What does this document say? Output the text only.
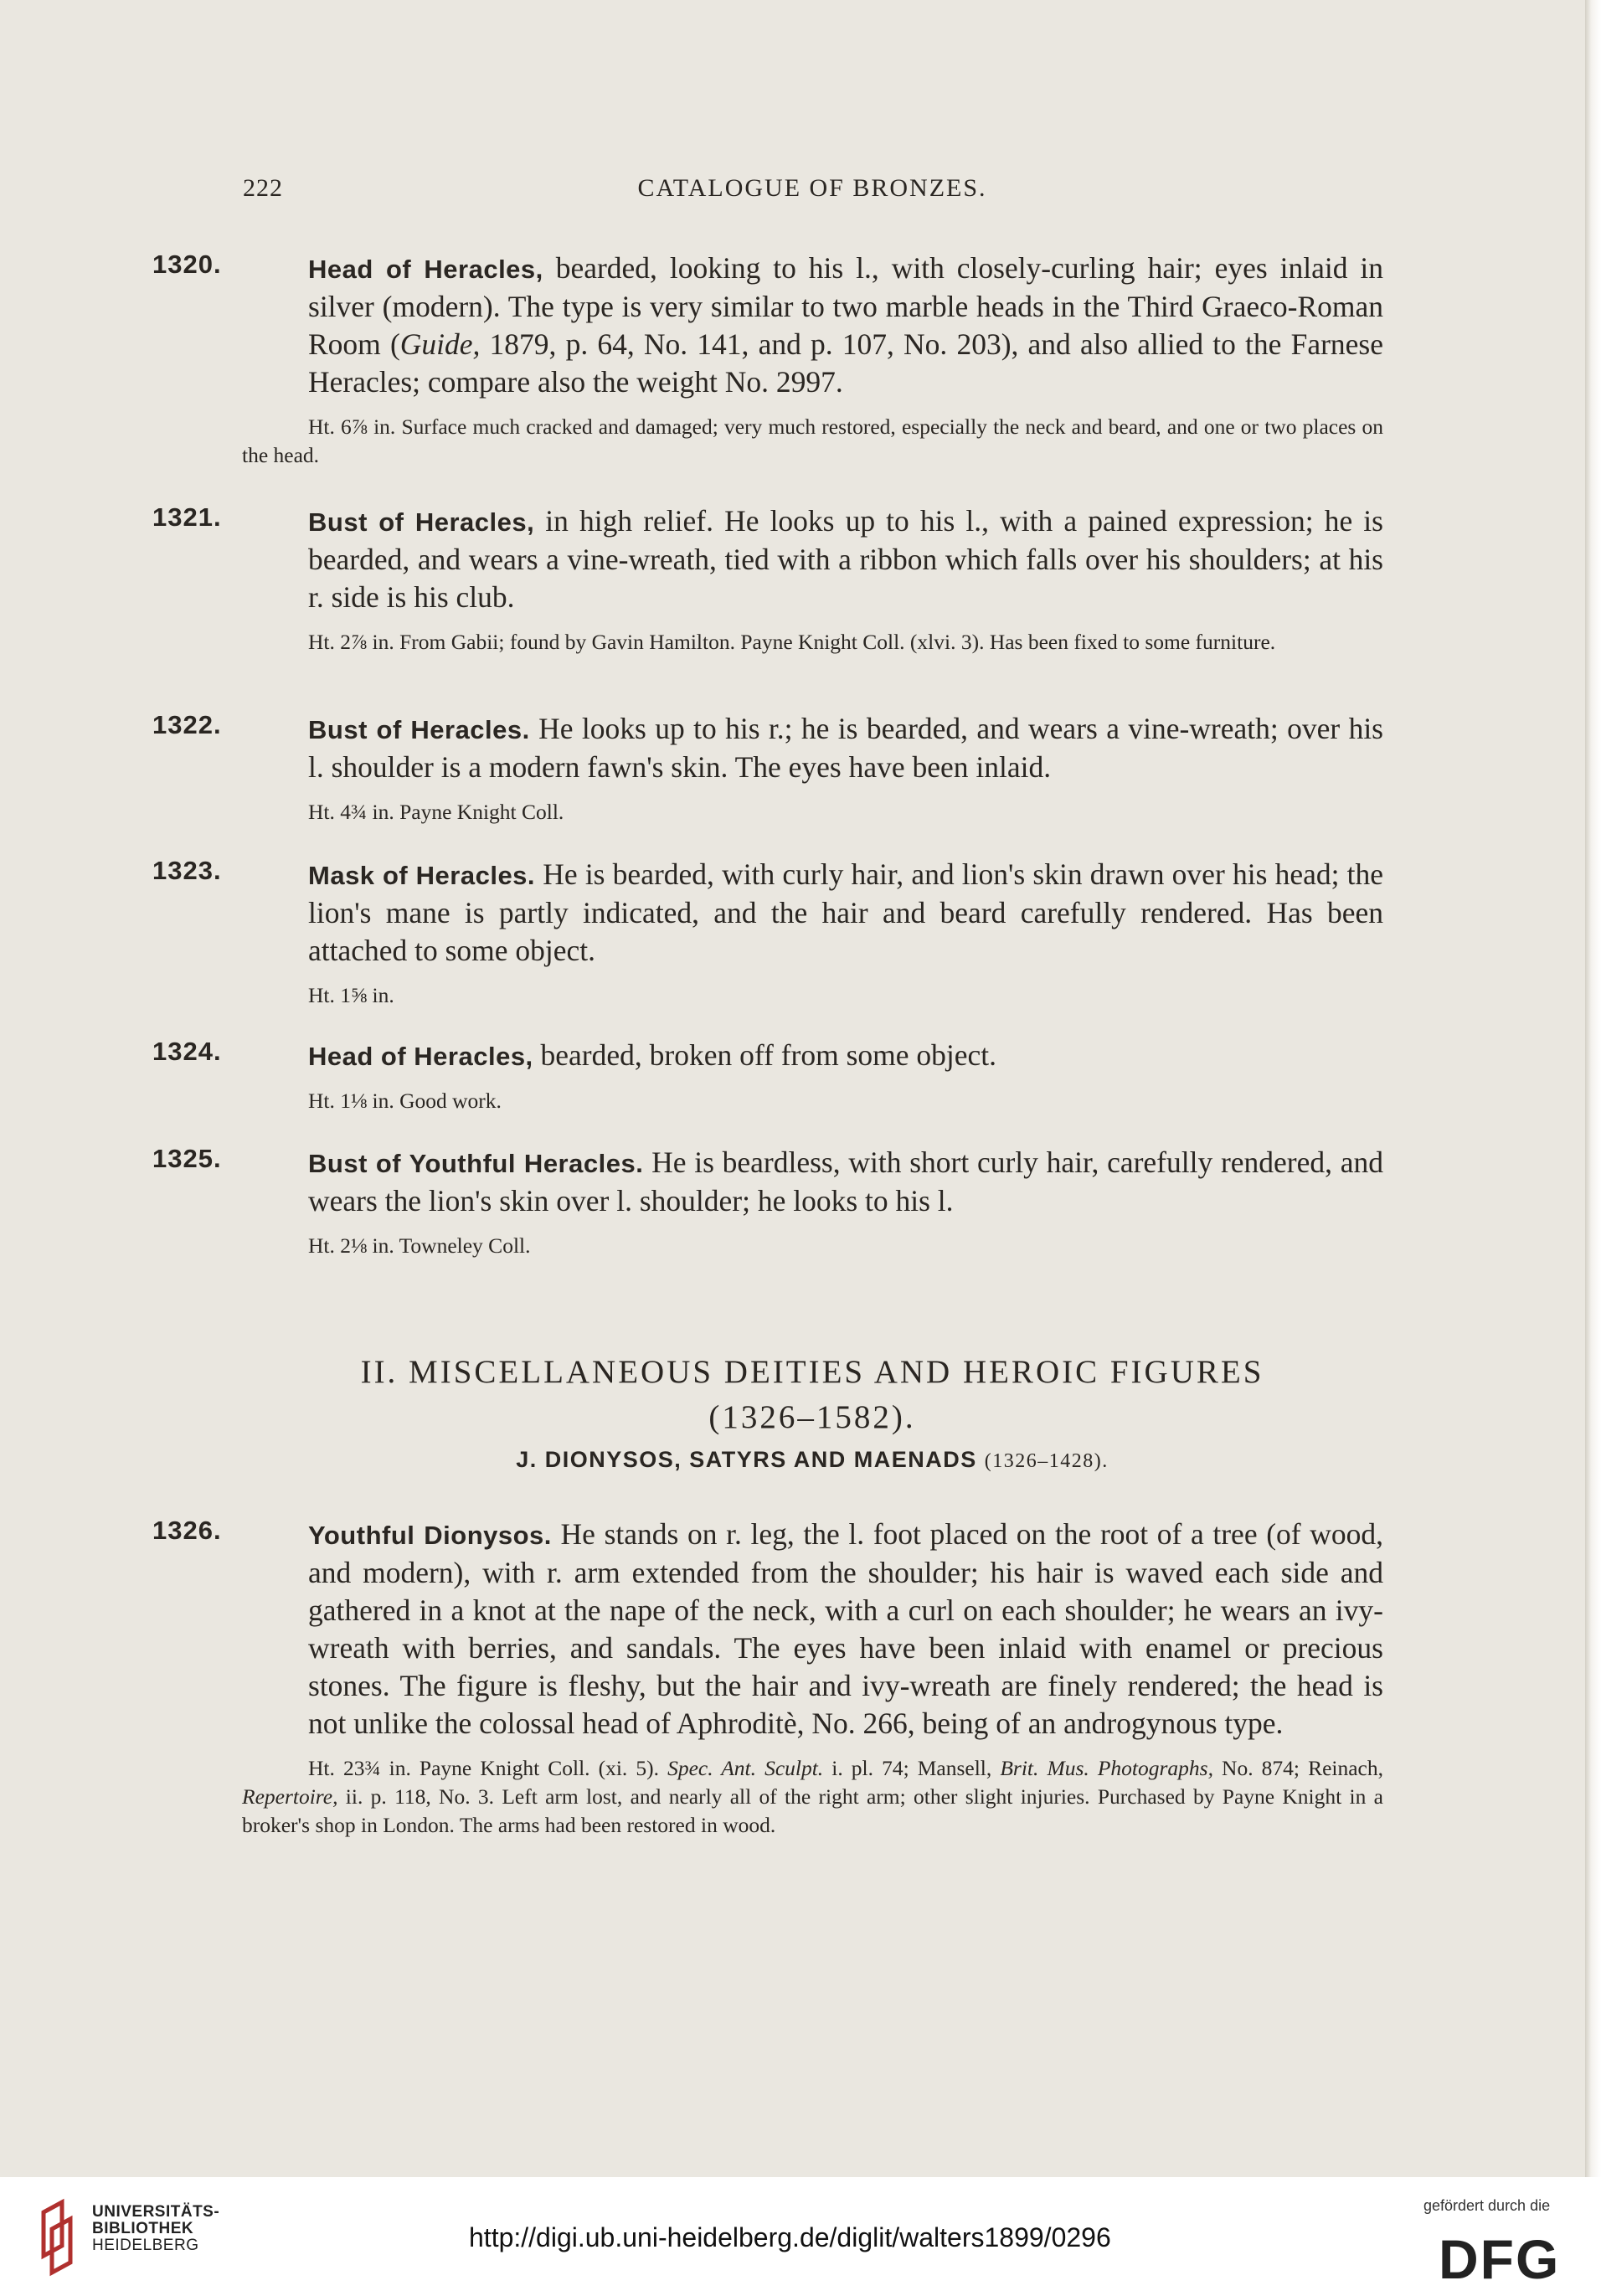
222	CATALOGUE OF BRONZES.
1320.	Head of Heracles, bearded, looking to his l., with closely-curling hair; eyes inlaid in silver (modern). The type is very similar to two marble heads in the Third Graeco-Roman Room (Guide, 1879, p. 64, No. 141, and p. 107, No. 203), and also allied to the Farnese Heracles; compare also the weight No. 2997.
Ht. 6⅞ in. Surface much cracked and damaged; very much restored, especially the neck and beard, and one or two places on the head.
1321.	Bust of Heracles, in high relief. He looks up to his l., with a pained expression; he is bearded, and wears a vine-wreath, tied with a ribbon which falls over his shoulders; at his r. side is his club.
Ht. 2⅞ in. From Gabii; found by Gavin Hamilton. Payne Knight Coll. (xlvi. 3). Has been fixed to some furniture.
1322.	Bust of Heracles. He looks up to his r.; he is bearded, and wears a vine-wreath; over his l. shoulder is a modern fawn's skin. The eyes have been inlaid.
Ht. 4¾ in. Payne Knight Coll.
1323.	Mask of Heracles. He is bearded, with curly hair, and lion's skin drawn over his head; the lion's mane is partly indicated, and the hair and beard carefully rendered. Has been attached to some object.
Ht. 1⅝ in.
1324.	Head of Heracles, bearded, broken off from some object.
Ht. 1⅛ in. Good work.
1325.	Bust of Youthful Heracles. He is beardless, with short curly hair, carefully rendered, and wears the lion's skin over l. shoulder; he looks to his l.
Ht. 2⅛ in. Towneley Coll.
II. MISCELLANEOUS DEITIES AND HEROIC FIGURES
(1326–1582).
J. DIONYSOS, SATYRS AND MAENADS (1326–1428).
1326.	Youthful Dionysos. He stands on r. leg, the l. foot placed on the root of a tree (of wood, and modern), with r. arm extended from the shoulder; his hair is waved each side and gathered in a knot at the nape of the neck, with a curl on each shoulder; he wears an ivy-wreath with berries, and sandals. The eyes have been inlaid with enamel or precious stones. The figure is fleshy, but the hair and ivy-wreath are finely rendered; the head is not unlike the colossal head of Aphroditè, No. 266, being of an androgynous type.
Ht. 23¾ in. Payne Knight Coll. (xi. 5). Spec. Ant. Sculpt. i. pl. 74; Mansell, Brit. Mus. Photographs, No. 874; Reinach, Repertoire, ii. p. 118, No. 3. Left arm lost, and nearly all of the right arm; other slight injuries. Purchased by Payne Knight in a broker's shop in London. The arms had been restored in wood.
UNIVERSITÄTS-
BIBLIOTHEK
HEIDELBERG	http://digi.ub.uni-heidelberg.de/diglit/walters1899/0296
gefördert durch die
DFG
